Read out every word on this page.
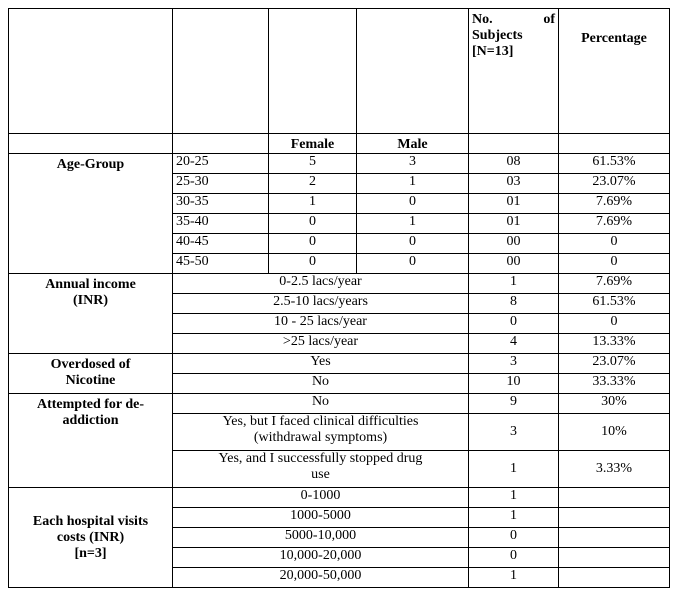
				No. of
Subjects
[N=13]	Percentage
		Female	Male		
Age-Group	20-25	5	3	08	61.53%
	25-30	2	1	03	23.07%
	30-35	1	0	01	7.69%
	35-40	0	1	01	7.69%
	40-45	0	0	00	0
	45-50	0	0	00	0

Annual income
(INR)	0-2.5 lacs/year			1	7.69%
	2.5-10 lacs/years			8	61.53%
	10 - 25 lacs/year			0	0
	>25 lacs/year			4	13.33%

Overdosed of
Nicotine	Yes			3	23.07%
	No			10	33.33%

Attempted for de-
addiction	No			9	30%

	Yes, but I faced clinical difficulties
(withdrawal symptoms)			3	10%

	Yes, and I successfully stopped drug
use			1	3.33%

Each hospital visits
costs (INR)
[n=3]	0-1000			1	
	1000-5000			1	
	5000-10,000			0	
	10,000-20,000			0	
	20,000-50,000			1	
